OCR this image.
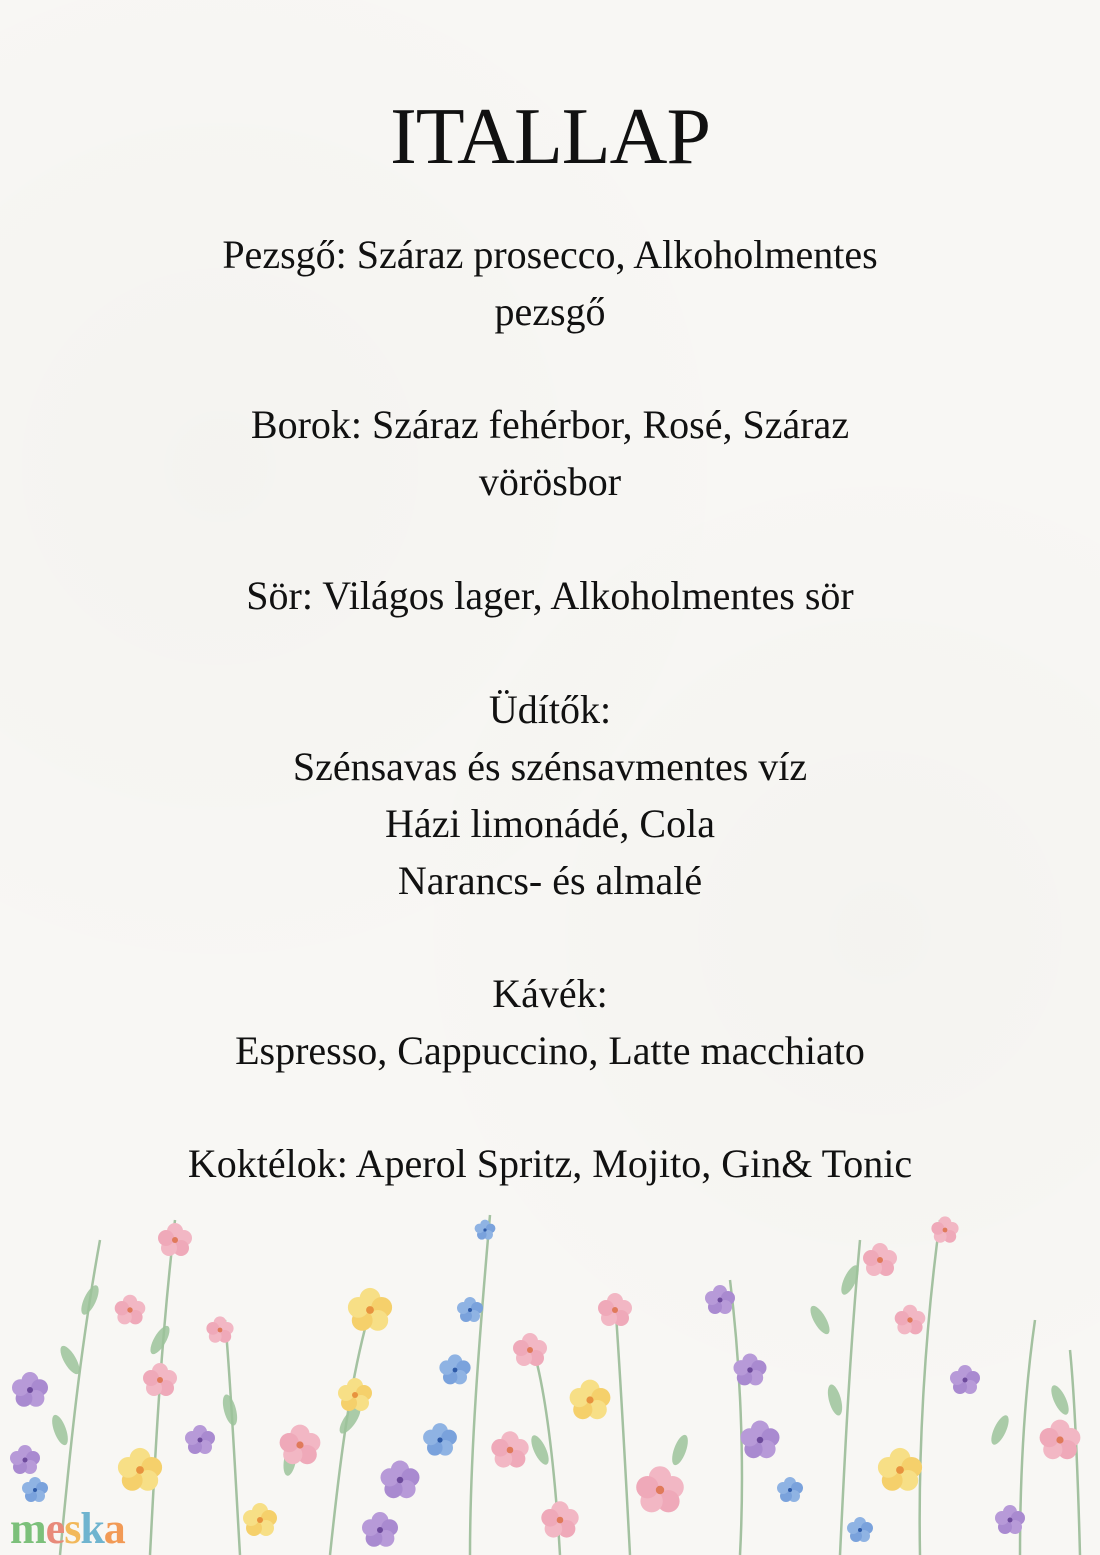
ITALLAP
Pezsgő: Száraz prosecco, Alkoholmentes
pezsgő
Borok: Száraz fehérbor, Rosé, Száraz
vörösbor
Sör: Világos lager, Alkoholmentes sör
Üdítők:
Szénsavas és szénsavmentes víz
Házi limonádé, Cola
Narancs- és almalé
Kávék:
Espresso, Cappuccino, Latte macchiato
Koktélok: Aperol Spritz, Mojito, Gin& Tonic
meska
